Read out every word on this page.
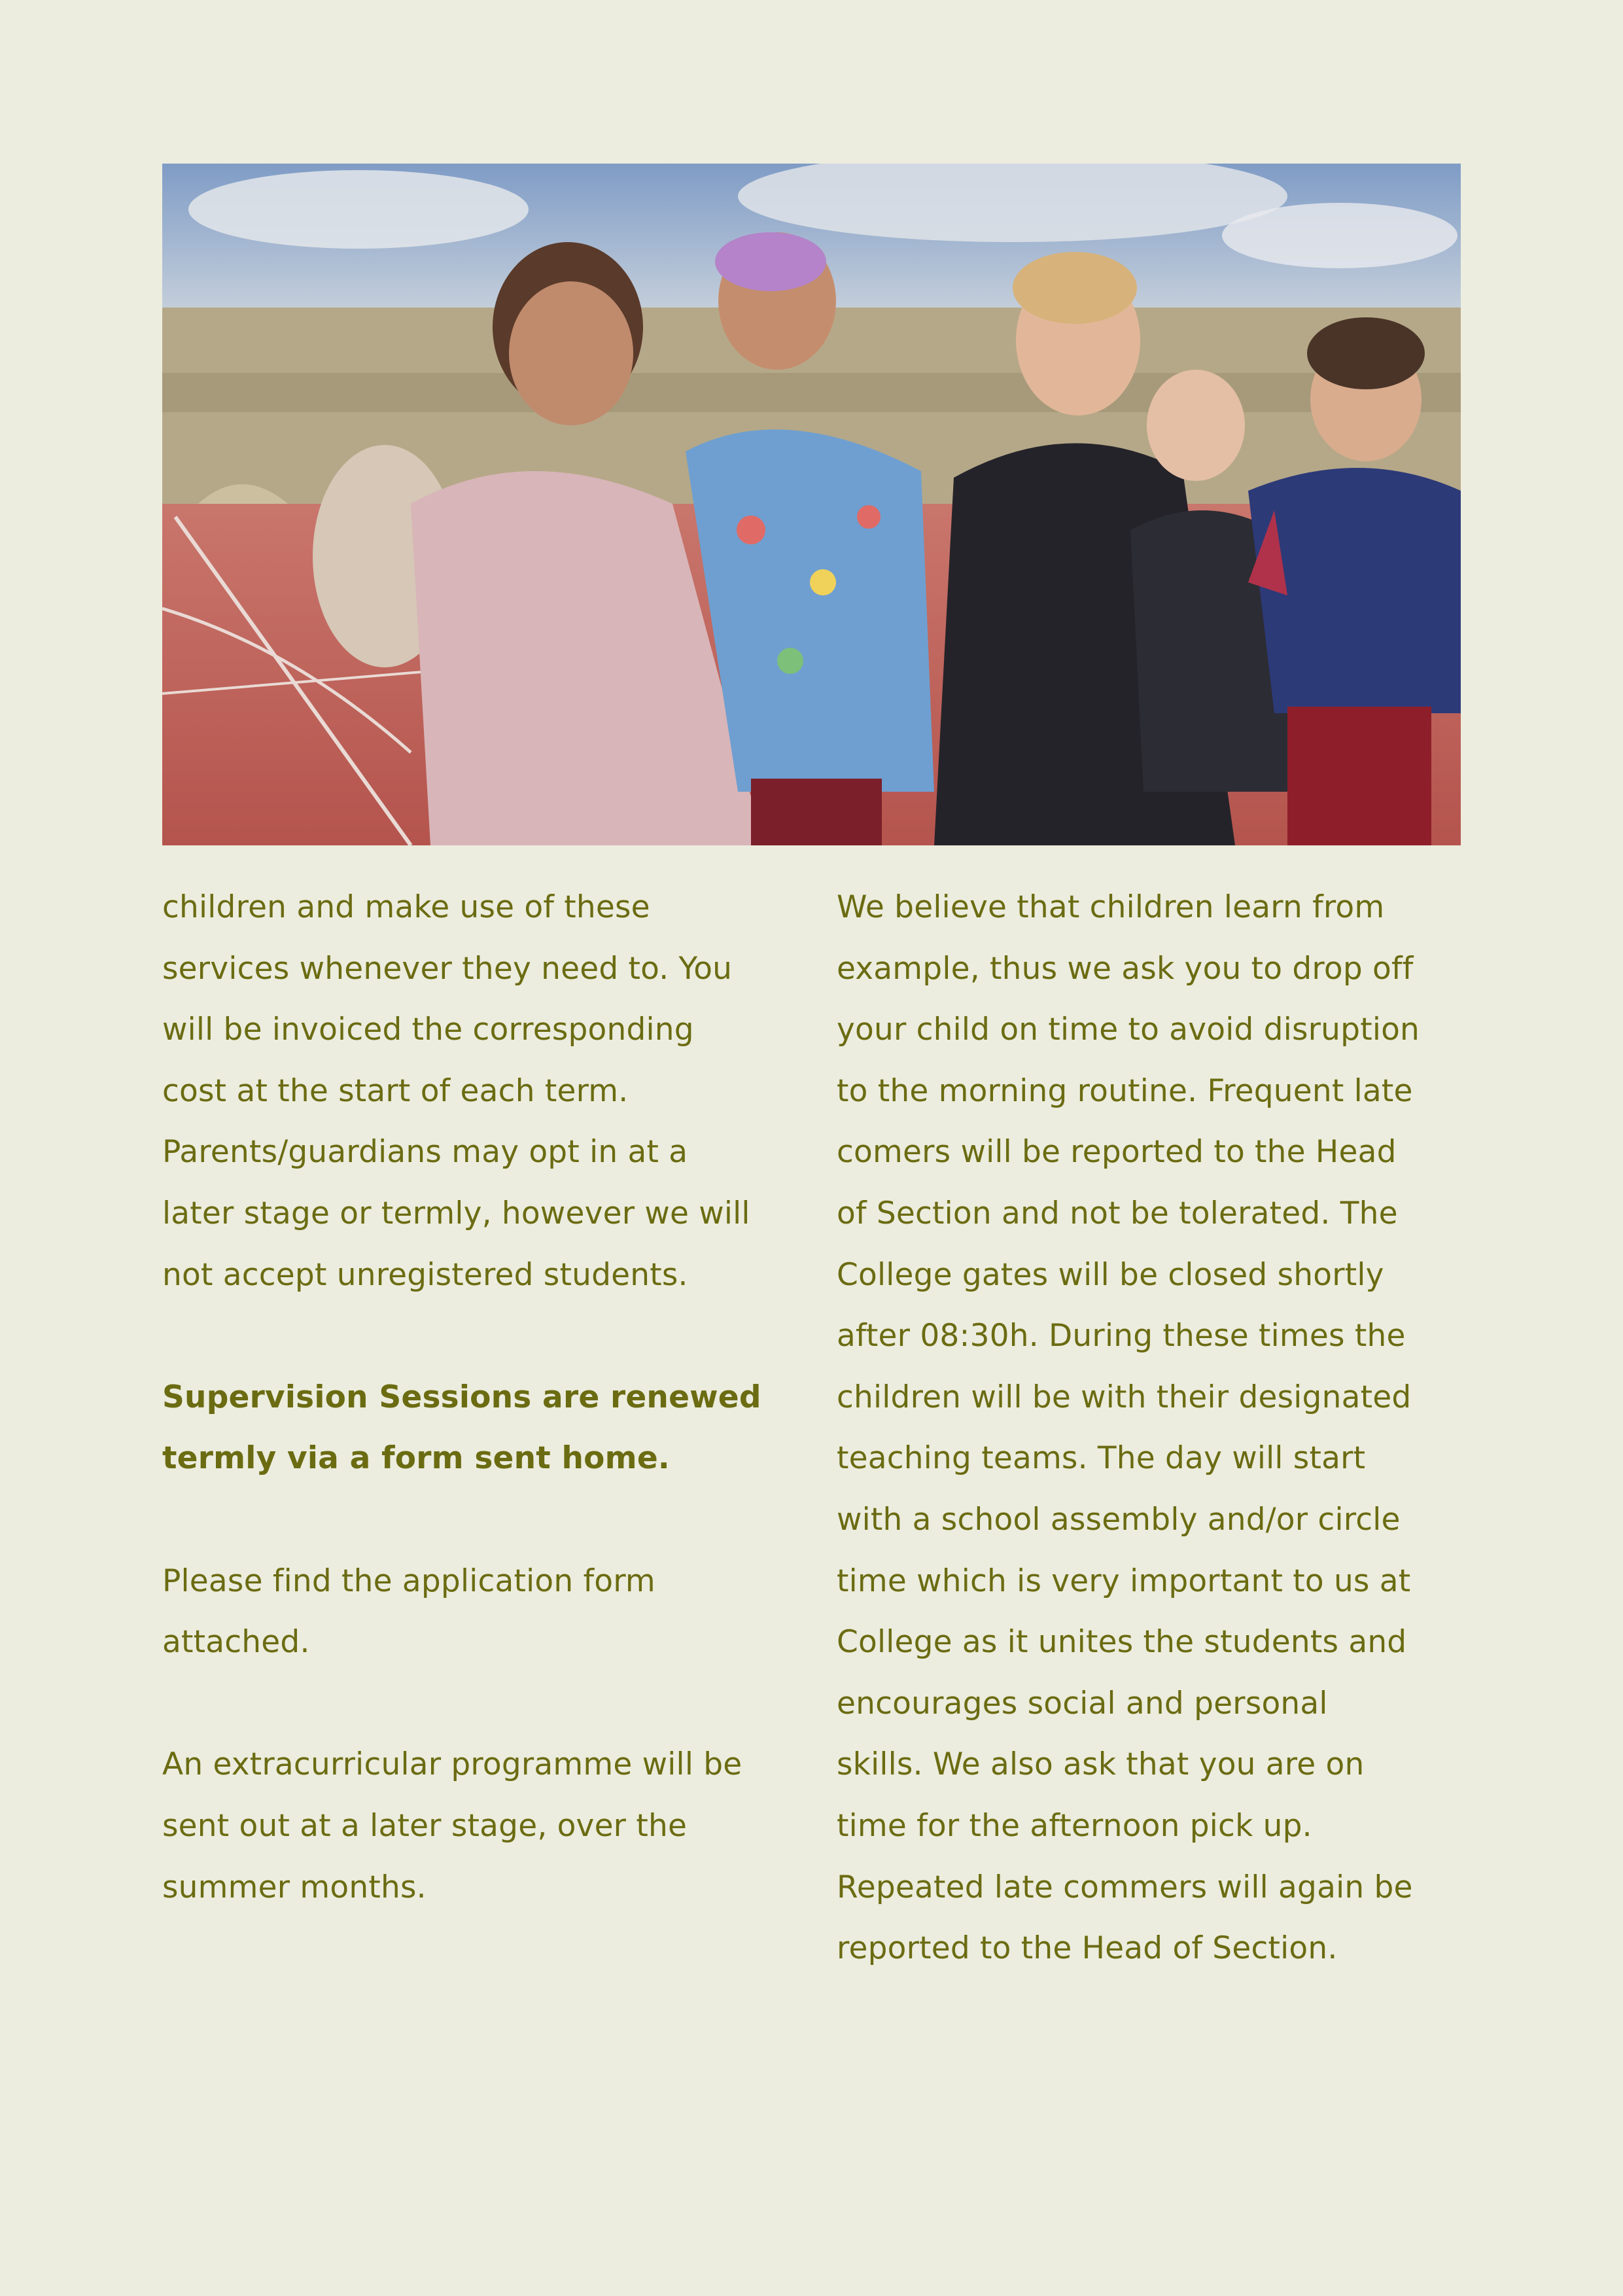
children and make use of these
services whenever they need to. You
will be invoiced the corresponding
cost at the start of each term.
Parents/guardians may opt in at a
later stage or termly, however we will
not accept unregistered students.

Supervision Sessions are renewed
termly via a form sent home.

Please find the application form
attached.

An extracurricular programme will be
sent out at a later stage, over the
summer months.

We believe that children learn from
example, thus we ask you to drop off
your child on time to avoid disruption
to the morning routine. Frequent late
comers will be reported to the Head
of Section and not be tolerated. The
College gates will be closed shortly
after 08:30h. During these times the
children will be with their designated
teaching teams. The day will start
with a school assembly and/or circle
time which is very important to us at
College as it unites the students and
encourages social and personal
skills. We also ask that you are on
time for the afternoon pick up.
Repeated late commers will again be
reported to the Head of Section.
